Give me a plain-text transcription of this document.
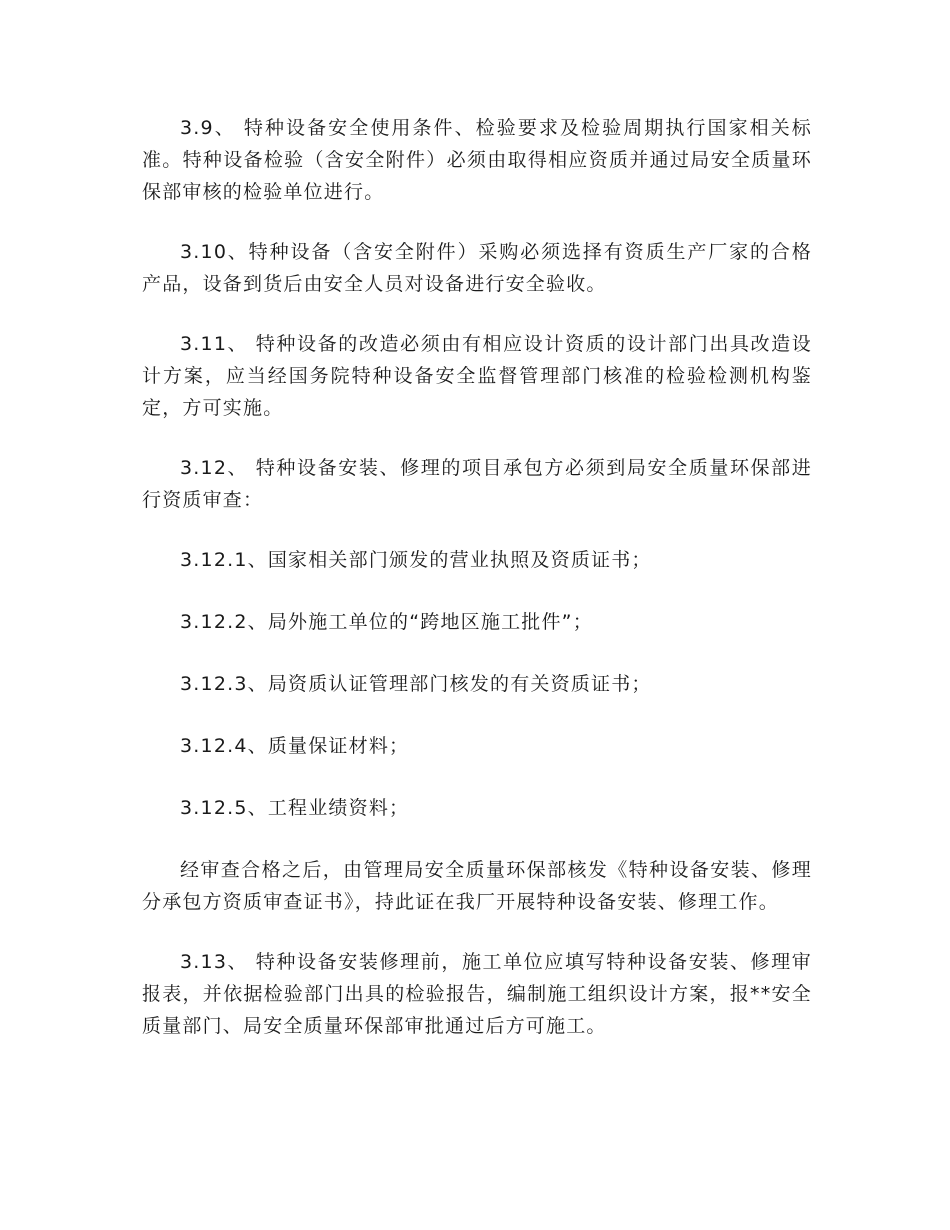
3.9、 特种设备安全使用条件、检验要求及检验周期执行国家相关标准。特种设备检验（含安全附件）必须由取得相应资质并通过局安全质量环保部审核的检验单位进行。

3.10、特种设备（含安全附件）采购必须选择有资质生产厂家的合格产品，设备到货后由安全人员对设备进行安全验收。

3.11、 特种设备的改造必须由有相应设计资质的设计部门出具改造设计方案，应当经国务院特种设备安全监督管理部门核准的检验检测机构鉴定，方可实施。

3.12、 特种设备安装、修理的项目承包方必须到局安全质量环保部进行资质审查：

3.12.1、国家相关部门颁发的营业执照及资质证书；

3.12.2、局外施工单位的“跨地区施工批件”；

3.12.3、局资质认证管理部门核发的有关资质证书；

3.12.4、质量保证材料；

3.12.5、工程业绩资料；

经审查合格之后，由管理局安全质量环保部核发《特种设备安装、修理分承包方资质审查证书》，持此证在我厂开展特种设备安装、修理工作。

3.13、 特种设备安装修理前，施工单位应填写特种设备安装、修理审报表，并依据检验部门出具的检验报告，编制施工组织设计方案，报**安全质量部门、局安全质量环保部审批通过后方可施工。
